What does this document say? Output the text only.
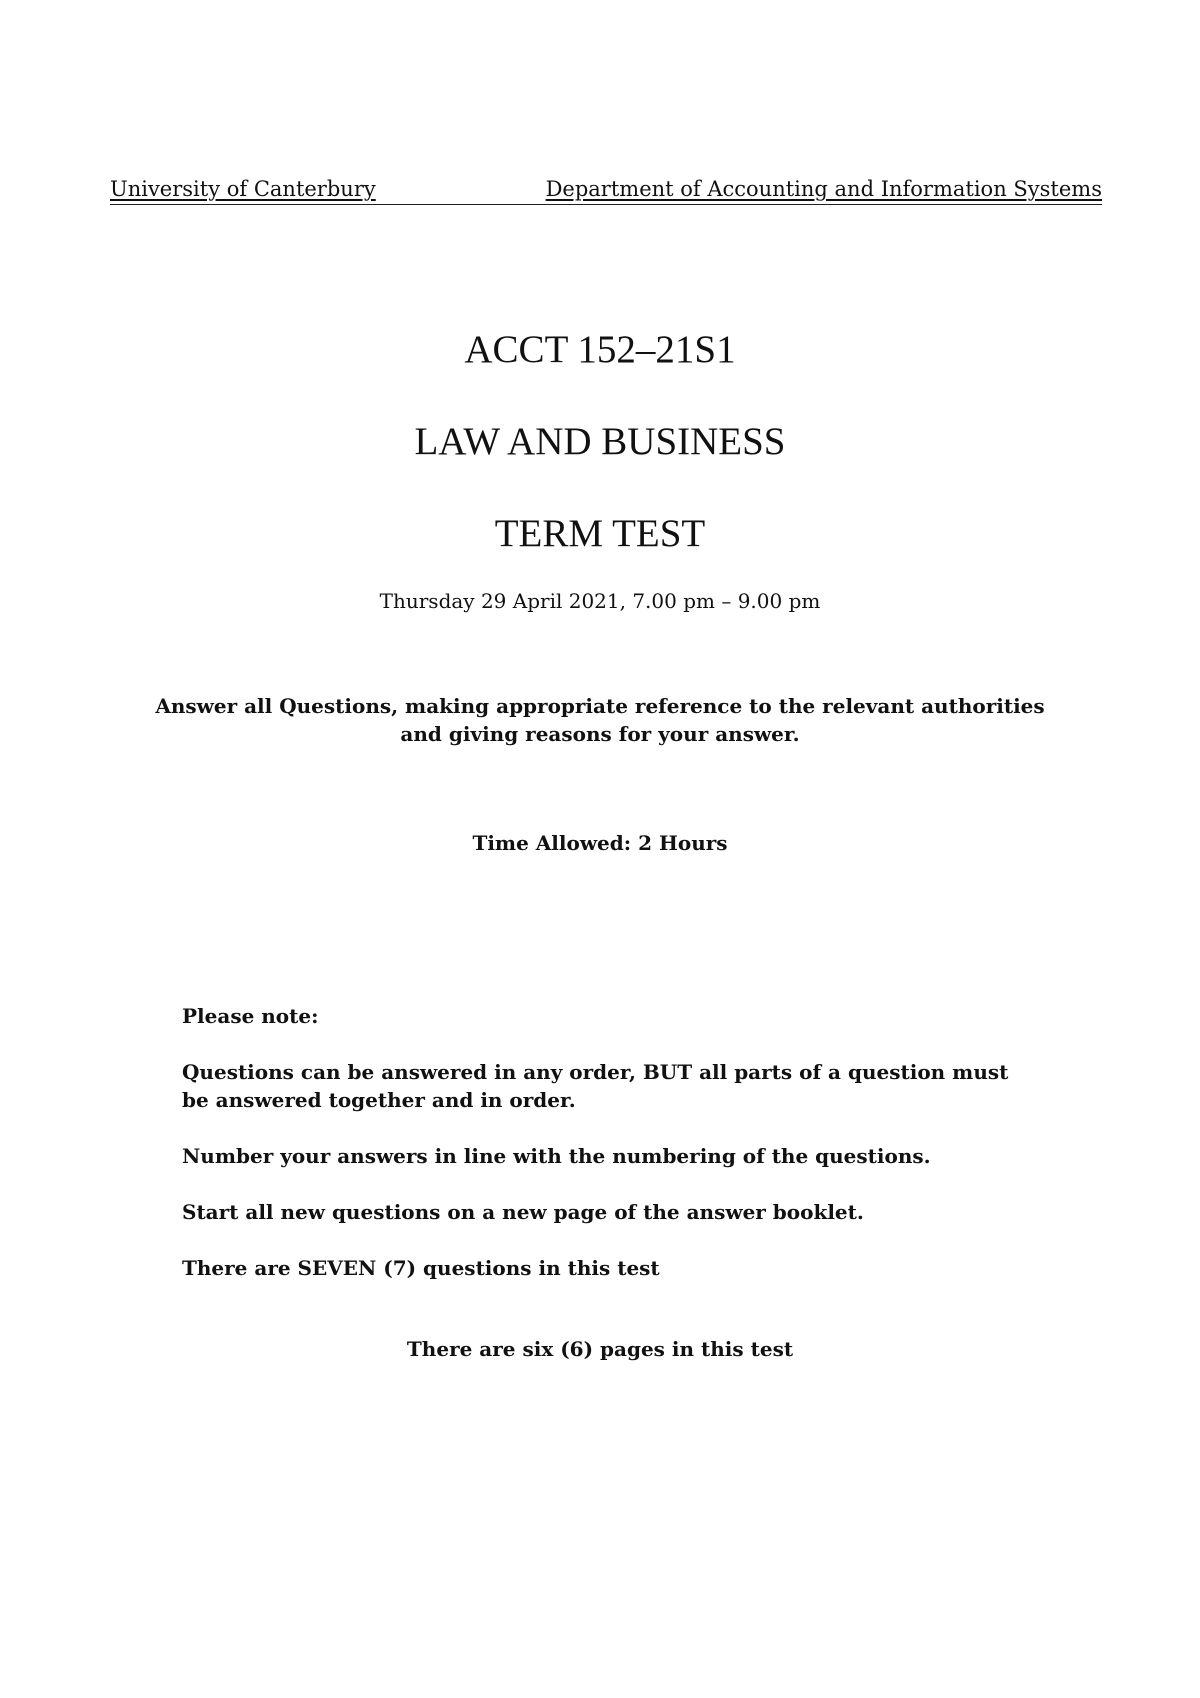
University of Canterbury	Department of Accounting and Information Systems
ACCT 152–21S1
LAW AND BUSINESS
TERM TEST
Thursday 29 April 2021, 7.00 pm – 9.00 pm
Answer all Questions, making appropriate reference to the relevant authorities
and giving reasons for your answer.
Time Allowed: 2 Hours

Please note:

Questions can be answered in any order, BUT all parts of a question must be answered together and in order.

Number your answers in line with the numbering of the questions.

Start all new questions on a new page of the answer booklet.

There are SEVEN (7) questions in this test

There are six (6) pages in this test
